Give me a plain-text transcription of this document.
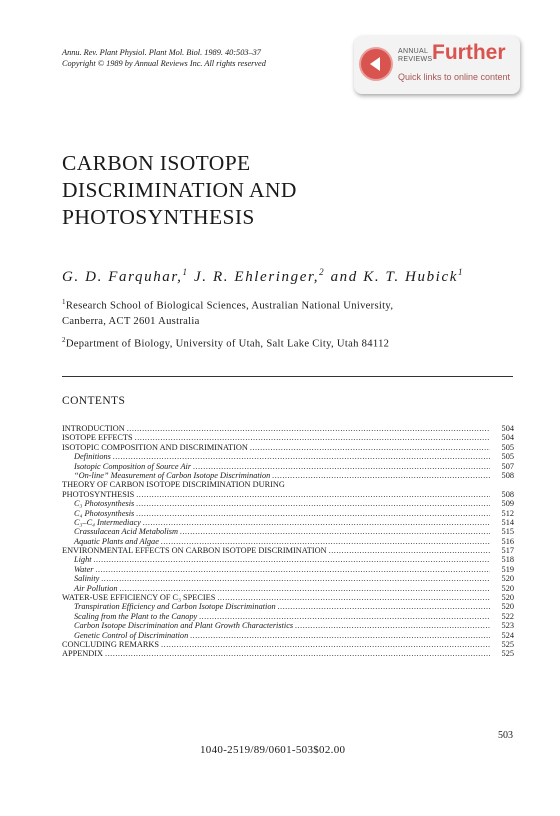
Annu. Rev. Plant Physiol. Plant Mol. Biol. 1989. 40:503–37
Copyright © 1989 by Annual Reviews Inc. All rights reserved
ANNUAL
REVIEWS Further
Quick links to online content
CARBON ISOTOPE
DISCRIMINATION AND
PHOTOSYNTHESIS
G. D. Farquhar,$^1$ J. R. Ehleringer,$^2$ and K. T. Hubick$^1$
$^1$Research School of Biological Sciences, Australian National University,
Canberra, ACT 2601 Australia
$^2$Department of Biology, University of Utah, Salt Lake City, Utah 84112
CONTENTS
INTRODUCTION .....	504
ISOTOPE EFFECTS .....	504
ISOTOPIC COMPOSITION AND DISCRIMINATION .....	505
Definitions .....	505
Isotopic Composition of Source Air .....	507
“On-line” Measurement of Carbon Isotope Discrimination .....	508
THEORY OF CARBON ISOTOPE DISCRIMINATION DURING
PHOTOSYNTHESIS .....	508
C₃ Photosynthesis .....	509
C₄ Photosynthesis .....	512
C₃–C₄ Intermediacy .....	514
Crassulacean Acid Metabolism .....	515
Aquatic Plants and Algae .....	516
ENVIRONMENTAL EFFECTS ON CARBON ISOTOPE DISCRIMINATION .....	517
Light .....	518
Water .....	519
Salinity .....	520
Air Pollution .....	520
WATER-USE EFFICIENCY OF C₃ SPECIES .....	520
Transpiration Efficiency and Carbon Isotope Discrimination .....	520
Scaling from the Plant to the Canopy .....	522
Carbon Isotope Discrimination and Plant Growth Characteristics .....	523
Genetic Control of Discrimination .....	524
CONCLUDING REMARKS .....	525
APPENDIX .....	525
503
1040-2519/89/0601-503$02.00
